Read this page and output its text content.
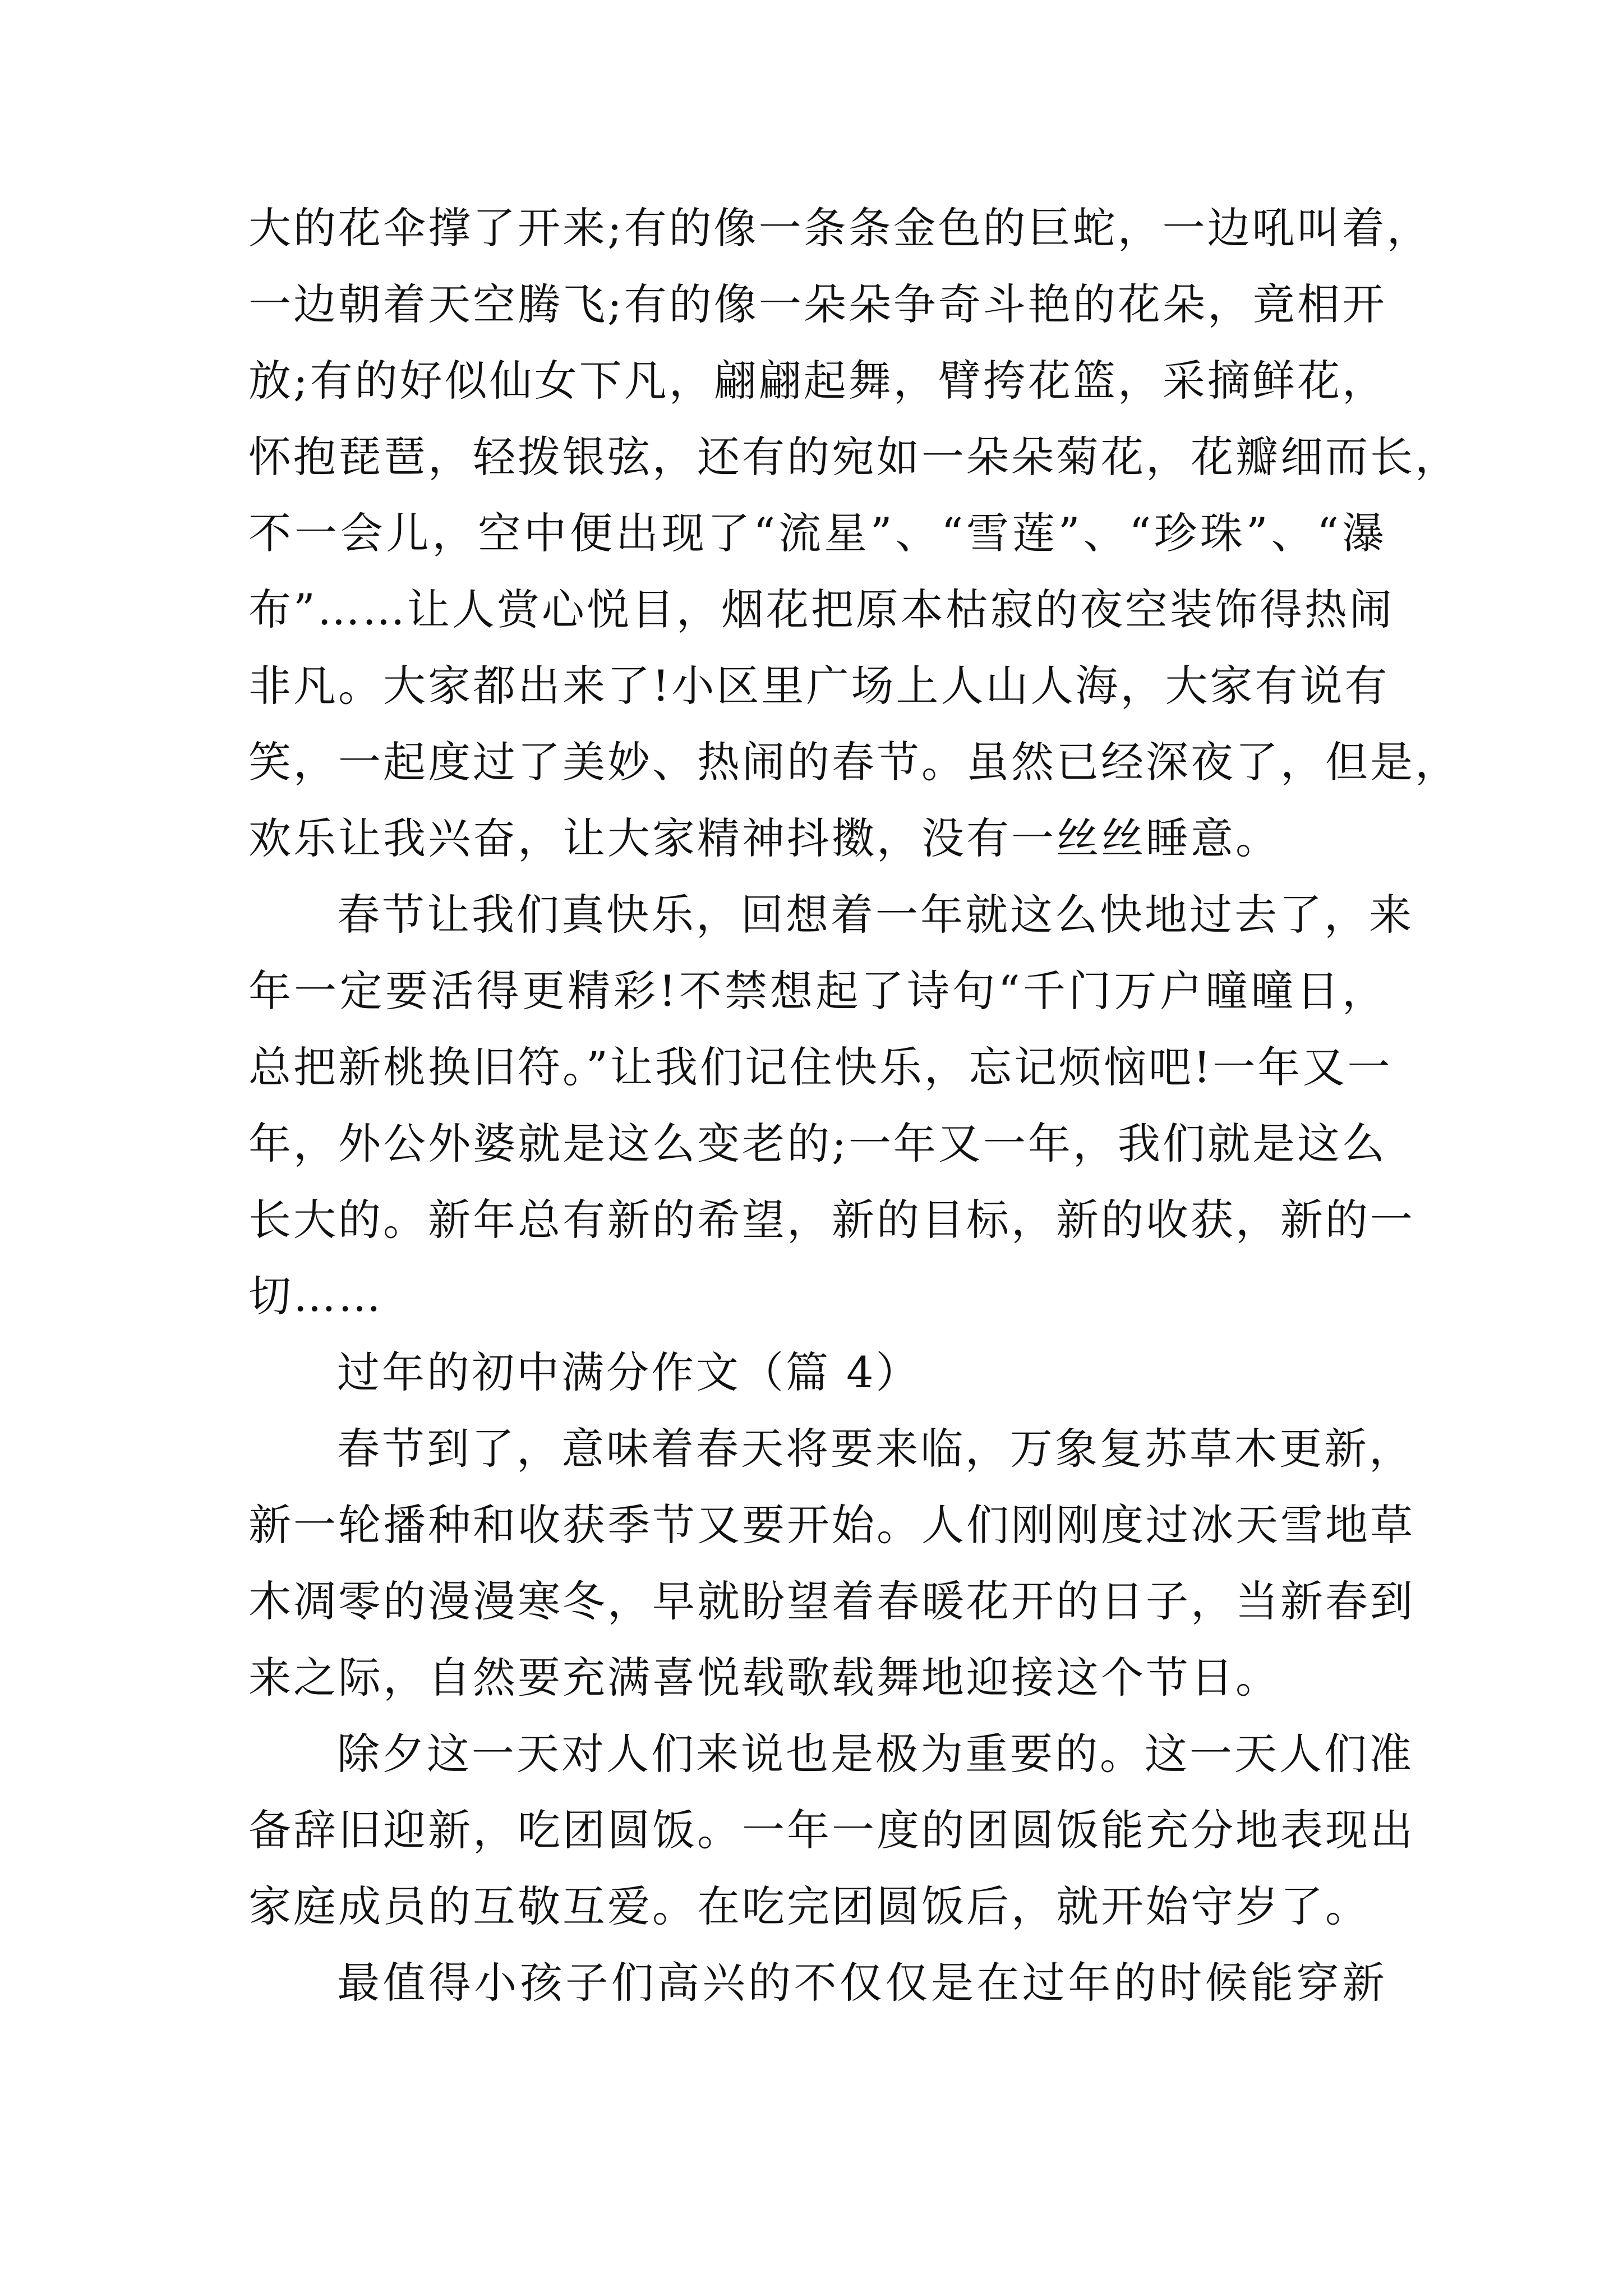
大的花伞撑了开来;有的像一条条金色的巨蛇，一边吼叫着，
一边朝着天空腾飞;有的像一朵朵争奇斗艳的花朵，竟相开
放;有的好似仙女下凡，翩翩起舞，臂挎花篮，采摘鲜花，
怀抱琵琶，轻拨银弦，还有的宛如一朵朵菊花，花瓣细而长，
不一会儿，空中便出现了“流星”、“雪莲”、“珍珠”、“瀑
布”……让人赏心悦目，烟花把原本枯寂的夜空装饰得热闹
非凡。大家都出来了!小区里广场上人山人海，大家有说有
笑，一起度过了美妙、热闹的春节。虽然已经深夜了，但是，
欢乐让我兴奋，让大家精神抖擞，没有一丝丝睡意。
春节让我们真快乐，回想着一年就这么快地过去了，来
年一定要活得更精彩!不禁想起了诗句“千门万户曈曈日，
总把新桃换旧符。”让我们记住快乐，忘记烦恼吧!一年又一
年，外公外婆就是这么变老的;一年又一年，我们就是这么
长大的。新年总有新的希望，新的目标，新的收获，新的一
切……
过年的初中满分作文（篇 4）
春节到了，意味着春天将要来临，万象复苏草木更新，
新一轮播种和收获季节又要开始。人们刚刚度过冰天雪地草
木凋零的漫漫寒冬，早就盼望着春暖花开的日子，当新春到
来之际，自然要充满喜悦载歌载舞地迎接这个节日。
除夕这一天对人们来说也是极为重要的。这一天人们准
备辞旧迎新，吃团圆饭。一年一度的团圆饭能充分地表现出
家庭成员的互敬互爱。在吃完团圆饭后，就开始守岁了。
最值得小孩子们高兴的不仅仅是在过年的时候能穿新
